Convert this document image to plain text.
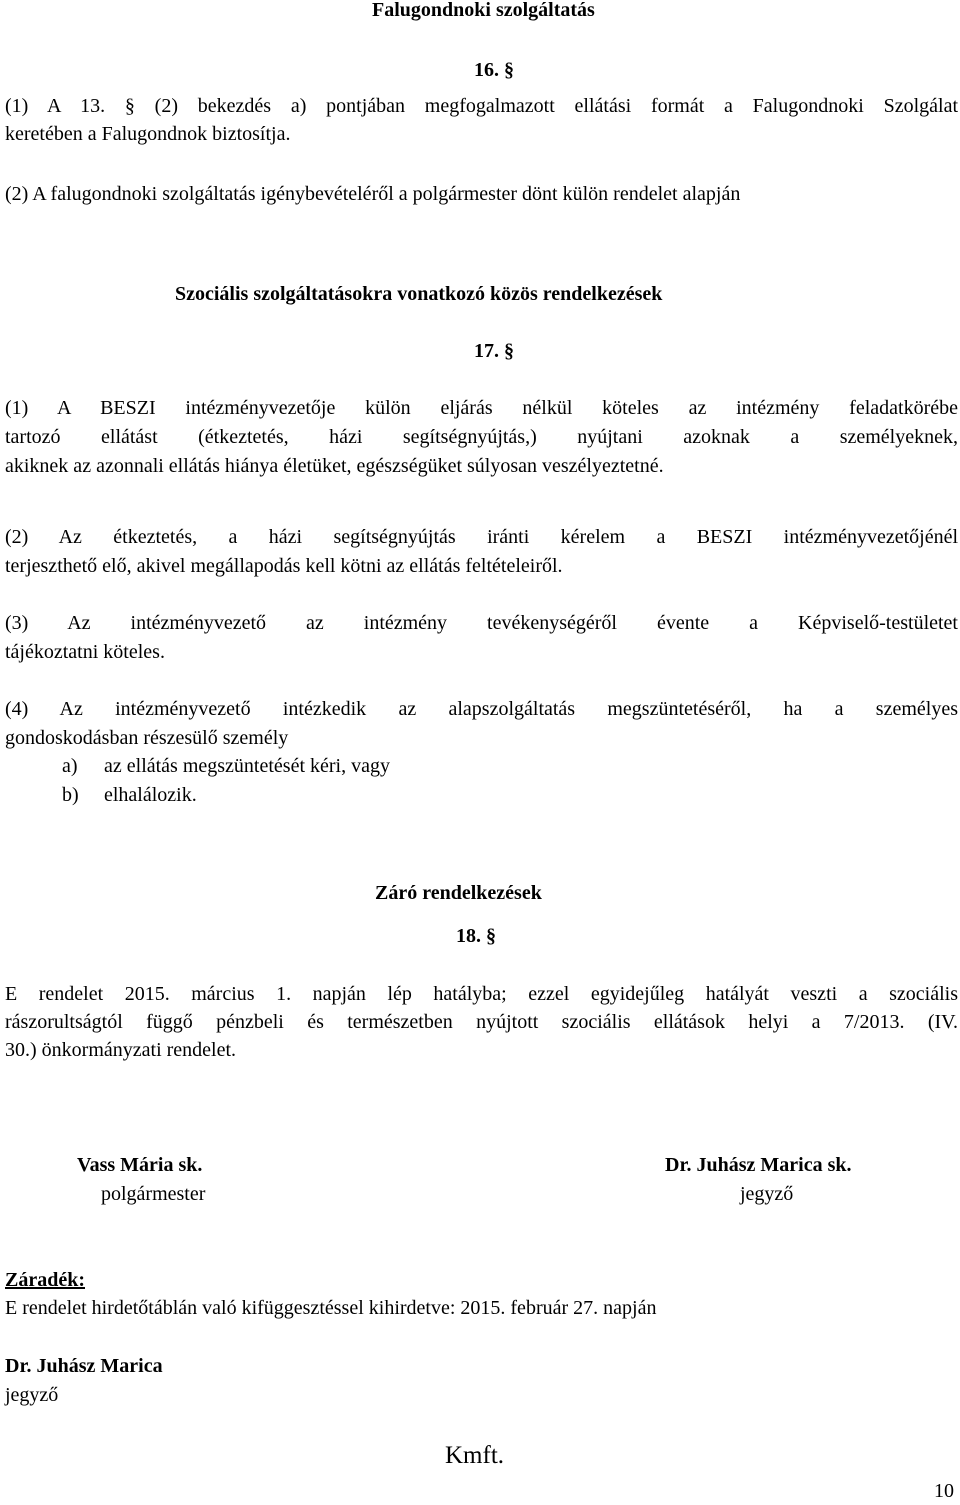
Falugondnoki szolgáltatás
16. §
(1) A 13. § (2) bekezdés a) pontjában megfogalmazott ellátási formát a Falugondnoki Szolgálat
keretében a Falugondnok biztosítja.
(2) A falugondnoki szolgáltatás igénybevételéről a polgármester dönt külön rendelet alapján
Szociális szolgáltatásokra vonatkozó közös rendelkezések
17. §
(1) A BESZI intézményvezetője külön eljárás nélkül köteles az intézmény feladatkörébe
tartozó ellátást (étkeztetés, házi segítségnyújtás,) nyújtani azoknak a személyeknek,
akiknek az azonnali ellátás hiánya életüket, egészségüket súlyosan veszélyeztetné.
(2) Az étkeztetés, a házi segítségnyújtás iránti kérelem a BESZI intézményvezetőjénél
terjeszthető elő, akivel megállapodás kell kötni az ellátás feltételeiről.
(3) Az intézményvezető az intézmény tevékenységéről évente a Képviselő-testületet
tájékoztatni köteles.
(4) Az intézményvezető intézkedik az alapszolgáltatás megszüntetéséről, ha a személyes
gondoskodásban részesülő személy
a) az ellátás megszüntetését kéri, vagy
b) elhalálozik.
Záró rendelkezések
18. §
E rendelet 2015. március 1. napján lép hatályba; ezzel egyidejűleg hatályát veszti a szociális
rászorultságtól függő pénzbeli és természetben nyújtott szociális ellátások helyi a 7/2013. (IV.
30.) önkormányzati rendelet.
Vass Mária sk.
polgármester
Dr. Juhász Marica sk.
jegyző
Záradék:
E rendelet hirdetőtáblán való kifüggesztéssel kihirdetve: 2015. február 27. napján
Dr. Juhász Marica
jegyző
Kmft.
10
